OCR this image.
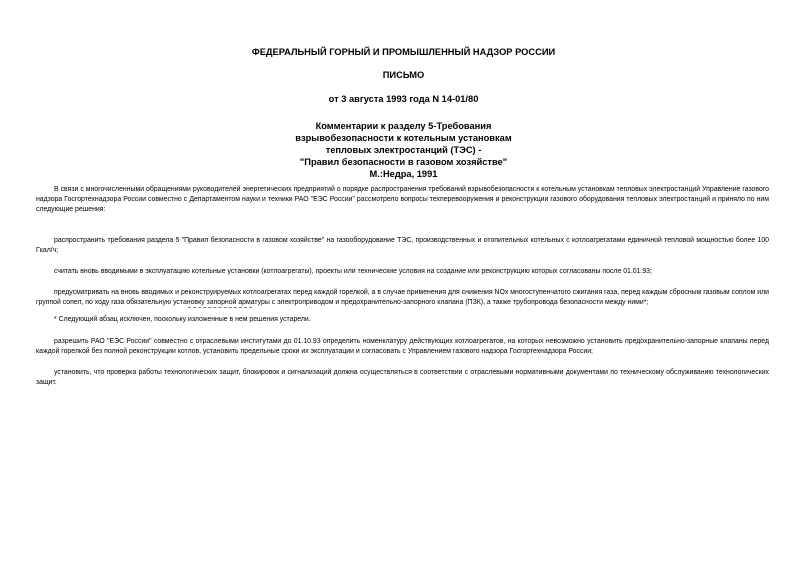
ФЕДЕРАЛЬНЫЙ ГОРНЫЙ И ПРОМЫШЛЕННЫЙ НАДЗОР РОССИИ
ПИСЬМО
от 3 августа 1993 года N 14-01/80
Комментарии к разделу 5-Требования
взрывобезопасности к котельным установкам
тепловых электростанций (ТЭС) -
"Правил безопасности в газовом хозяйстве"
М.:Недра, 1991

В связи с многочисленными обращениями руководителей энергетических предприятий о порядке распространения требований взрывобезопасности к котельным установкам тепловых электростанций Управление газового надзора Госгортехнадзора России совместно с Департаментом науки и техники РАО "ЕЭС России" рассмотрело вопросы техперевооружения и реконструкции газового оборудования тепловых электростанций и приняло по ним следующие решения:

распространить требования раздела 5 "Правил безопасности в газовом хозяйстве" на газооборудование ТЭС, производственных и отопительных котельных с котлоагрегатами единичной тепловой мощностью более 100 Гкал/ч;

считать вновь вводимыми в эксплуатацию котельные установки (котлоагрегаты), проекты или технические условия на создание или реконструкцию которых согласованы после 01.01.93;

предусматривать на вновь вводимых и реконструируемых котлоагрегатах перед каждой горелкой, а в случае применения для снижения NOx многоступенчатого сжигания газа, перед каждым сбросным газовым соплом или группой сопел, по ходу газа обязательную установку запорной арматуры с электроприводом и предохранительно-запорного клапана (ПЗК), а также трубопровода безопасности между ними*;

* Следующий абзац исключен, поскольку изложенные в нем решения устарели.

разрешить РАО "ЕЭС России" совместно с отраслевыми институтами до 01.10.93 определить номенклатуру действующих котлоагрегатов, на которых невозможно установить предохранительно-запорные клапаны перед каждой горелкой без полной реконструкции котлов, установить предельные сроки их эксплуатации и согласовать с Управлением газового надзора Госгортехнадзора России;

установить, что проверка работы технологических защит, блокировок и сигнализаций должна осуществляться в соответствии с отраслевыми нормативными документами по техническому обслуживанию технологических защит.
